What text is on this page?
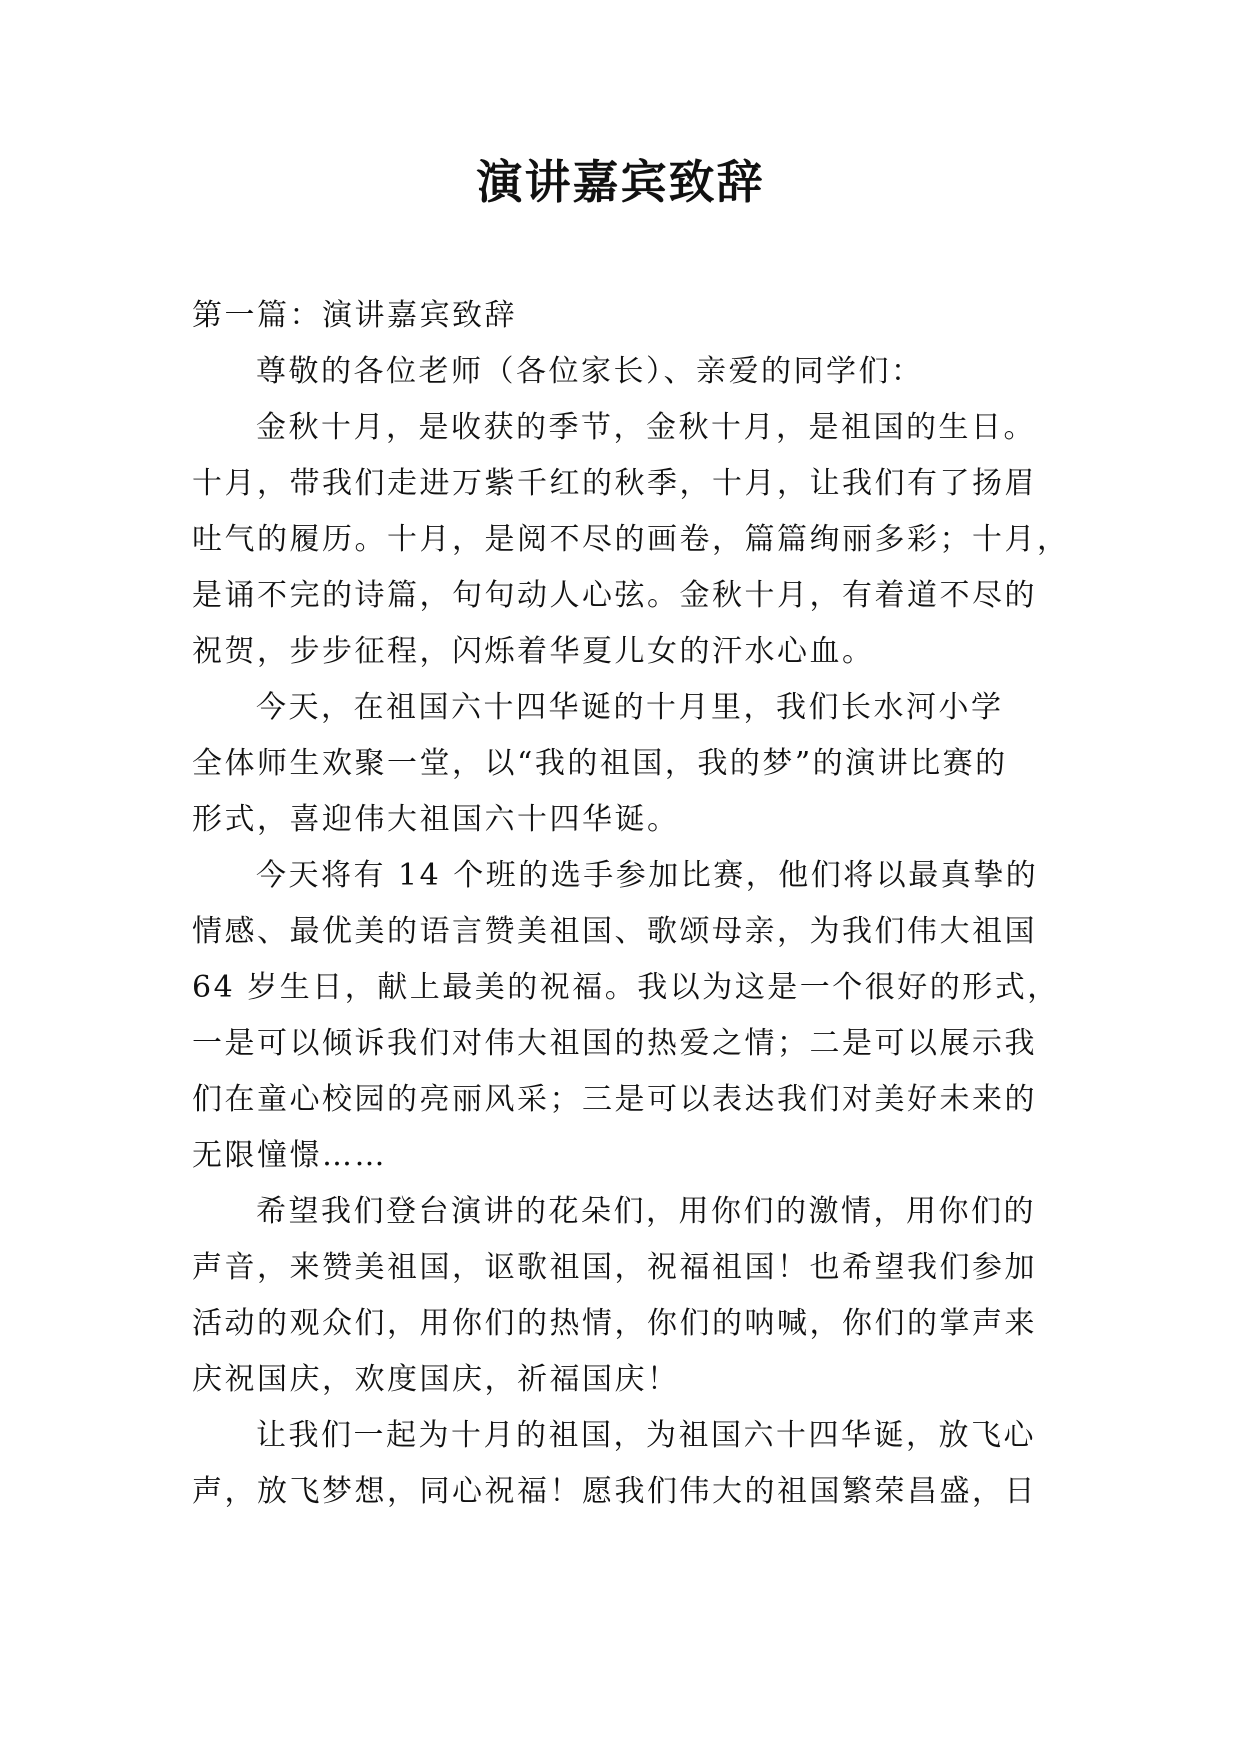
演讲嘉宾致辞

第一篇：演讲嘉宾致辞

尊敬的各位老师（各位家长）、亲爱的同学们：

金秋十月，是收获的季节，金秋十月，是祖国的生日。

十月，带我们走进万紫千红的秋季，十月，让我们有了扬眉

吐气的履历。十月，是阅不尽的画卷，篇篇绚丽多彩；十月，

是诵不完的诗篇，句句动人心弦。金秋十月，有着道不尽的

祝贺，步步征程，闪烁着华夏儿女的汗水心血。

今天，在祖国六十四华诞的十月里，我们长水河小学

全体师生欢聚一堂，以“我的祖国，我的梦”的演讲比赛的

形式，喜迎伟大祖国六十四华诞。

今天将有 14 个班的选手参加比赛，他们将以最真挚的

情感、最优美的语言赞美祖国、歌颂母亲，为我们伟大祖国

64 岁生日，献上最美的祝福。我以为这是一个很好的形式，

一是可以倾诉我们对伟大祖国的热爱之情；二是可以展示我

们在童心校园的亮丽风采；三是可以表达我们对美好未来的

无限憧憬……

希望我们登台演讲的花朵们，用你们的激情，用你们的

声音，来赞美祖国，讴歌祖国，祝福祖国！也希望我们参加

活动的观众们，用你们的热情，你们的呐喊，你们的掌声来

庆祝国庆，欢度国庆，祈福国庆！

让我们一起为十月的祖国，为祖国六十四华诞，放飞心

声，放飞梦想，同心祝福！愿我们伟大的祖国繁荣昌盛，日
